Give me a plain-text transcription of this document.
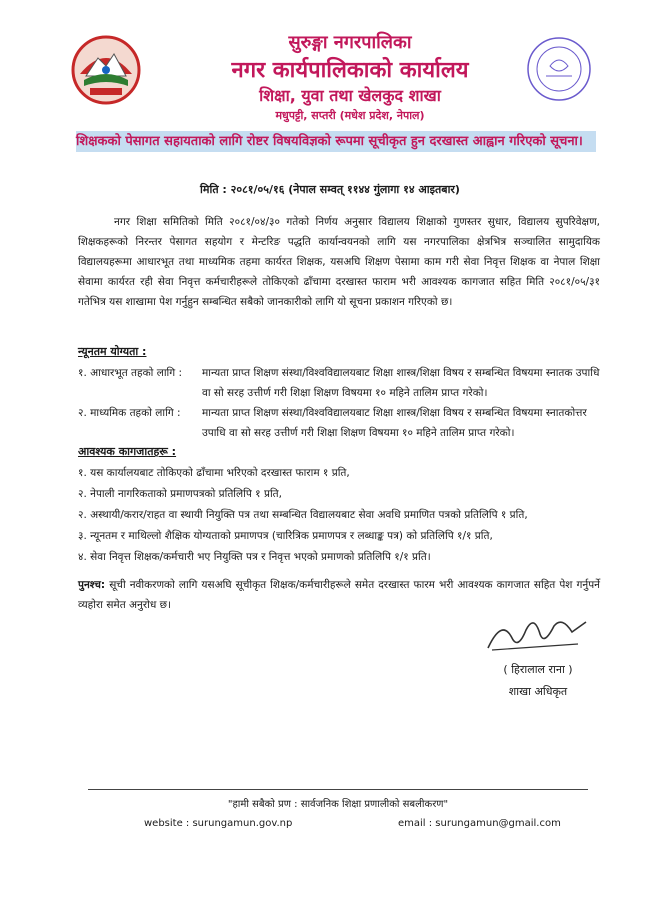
सुरुङ्गा नगरपालिका
नगर कार्यपालिकाको कार्यालय
शिक्षा, युवा तथा खेलकुद शाखा
मधुपट्टी, सप्तरी (मधेश प्रदेश, नेपाल)
शिक्षकको पेसागत सहायताको लागि रोष्टर विषयविज्ञको रूपमा सूचीकृत हुन दरखास्त आह्वान गरिएको सूचना।
मिति : २०८१/०५/१६ (नेपाल सम्वत् ११४४ गुंलागा १४ आइतबार)
नगर शिक्षा समितिको मिति २०८१/०४/३० गतेको निर्णय अनुसार विद्यालय शिक्षाको गुणस्तर सुधार, विद्यालय सुपरिवेक्षण, शिक्षकहरूको निरन्तर पेसागत सहयोग र मेन्टरिङ पद्धति कार्यान्वयनको लागि यस नगरपालिका क्षेत्रभित्र सञ्चालित सामुदायिक विद्यालयहरूमा आधारभूत तथा माध्यमिक तहमा कार्यरत शिक्षक, यसअघि शिक्षण पेसामा काम गरी सेवा निवृत्त शिक्षक वा नेपाल शिक्षा सेवामा कार्यरत रही सेवा निवृत्त कर्मचारीहरूले तोकिएको ढाँचामा दरखास्त फाराम भरी आवश्यक कागजात सहित मिति २०८१/०५/३१ गतेभित्र यस शाखामा पेश गर्नुहुन सम्बन्धित सबैको जानकारीको लागि यो सूचना प्रकाशन गरिएको छ।
न्यूनतम योग्यता :
१. आधारभूत तहको लागि :	मान्यता प्राप्त शिक्षण संस्था/विश्वविद्यालयबाट शिक्षा शास्त्र/शिक्षा विषय र सम्बन्धित विषयमा स्नातक उपाधि वा सो सरह उत्तीर्ण गरी शिक्षा शिक्षण विषयमा १० महिने तालिम प्राप्त गरेको।
२. माध्यमिक तहको लागि :	मान्यता प्राप्त शिक्षण संस्था/विश्वविद्यालयबाट शिक्षा शास्त्र/शिक्षा विषय र सम्बन्धित विषयमा स्नातकोत्तर उपाधि वा सो सरह उत्तीर्ण गरी शिक्षा शिक्षण विषयमा १० महिने तालिम प्राप्त गरेको।
आवश्यक कागजातहरू :
१. यस कार्यालयबाट तोकिएको ढाँचामा भरिएको दरखास्त फाराम १ प्रति,
२. नेपाली नागरिकताको प्रमाणपत्रको प्रतिलिपि १ प्रति,
२. अस्थायी/करार/राहत वा स्थायी नियुक्ति पत्र तथा सम्बन्धित विद्यालयबाट सेवा अवधि प्रमाणित पत्रको प्रतिलिपि १ प्रति,
३. न्यूनतम र माथिल्लो शैक्षिक योग्यताको प्रमाणपत्र (चारित्रिक प्रमाणपत्र र लब्धाङ्क पत्र) को प्रतिलिपि १/१ प्रति,
४. सेवा निवृत्त शिक्षक/कर्मचारी भए नियुक्ति पत्र र निवृत्त भएको प्रमाणको प्रतिलिपि १/१ प्रति।
पुनश्च: सूची नवीकरणको लागि यसअघि सूचीकृत शिक्षक/कर्मचारीहरूले समेत दरखास्त फारम भरी आवश्यक कागजात सहित पेश गर्नुपर्ने व्यहोरा समेत अनुरोध छ।
( हिरालाल राना )
शाखा अधिकृत
"हामी सबैको प्रण : सार्वजनिक शिक्षा प्रणालीको सबलीकरण"
website : surungamun.gov.np	email : surungamun@gmail.com
